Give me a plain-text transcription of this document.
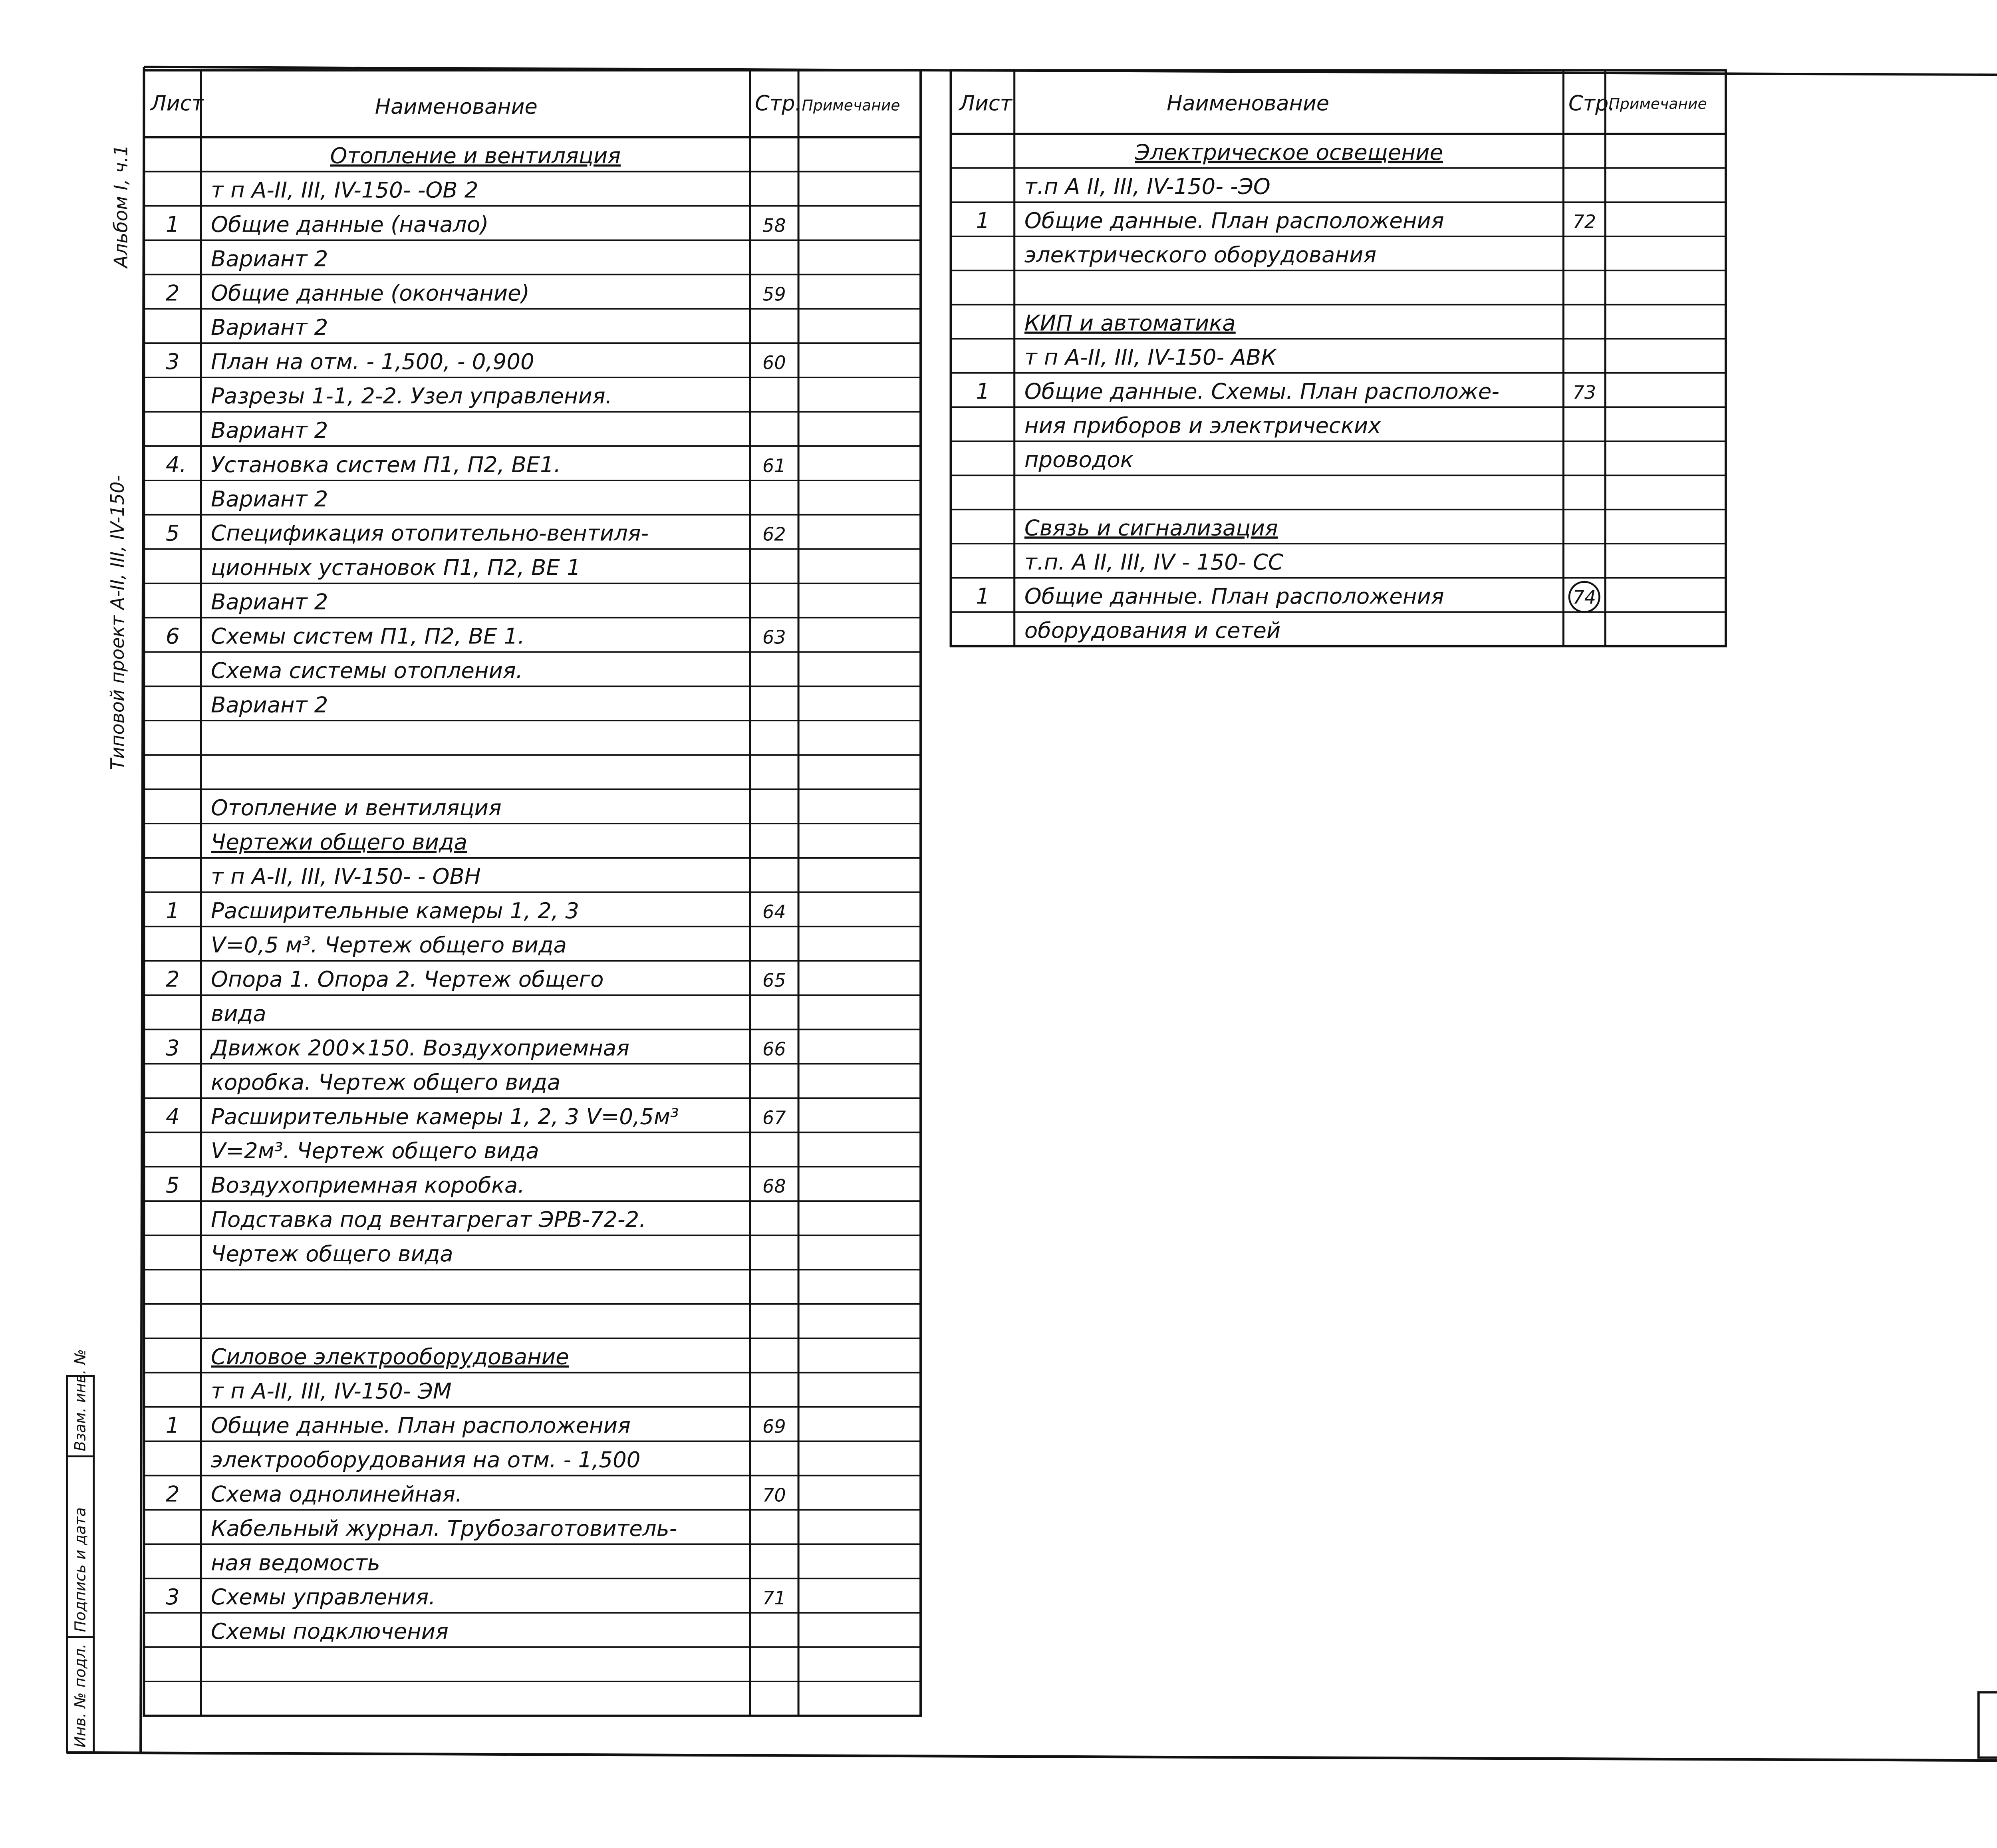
Альбом I, ч.1
Типовой проект А-II, III, IV-150-
Инв. № подл.
Подпись и дата
Взам. инв. №
Лист	Наименование	Стр. Примечание
Отопление и вентиляция
т п А-II, III, IV-150- -ОВ 2
1	Общие данные (начало)	58
Вариант 2
2	Общие данные (окончание)	59
Вариант 2
3	План на отм. - 1,500, - 0,900	60
Разрезы 1-1, 2-2. Узел управления.
Вариант 2
4.	Установка систем П1, П2, ВЕ1.	61
Вариант 2
5	Спецификация отопительно-вентиля-	62
ционных установок П1, П2, ВЕ 1
Вариант 2
6	Схемы систем П1, П2, ВЕ 1.	63
Схема системы отопления.
Вариант 2
Отопление и вентиляция
Чертежи общего вида
т п А-II, III, IV-150- - ОВН
1	Расширительные камеры 1, 2, 3	64
V=0,5 м³. Чертеж общего вида
2	Опора 1. Опора 2. Чертеж общего	65
вида
3	Движок 200×150. Воздухоприемная	66
коробка. Чертеж общего вида
4	Расширительные камеры 1, 2, 3 V=0,5м³	67
V=2м³. Чертеж общего вида
5	Воздухоприемная коробка.	68
Подставка под вентагрегат ЭРВ-72-2.
Чертеж общего вида
Силовое электрооборудование
т п А-II, III, IV-150- ЭМ
1	Общие данные. План расположения	69
электрооборудования на отм. - 1,500
2	Схема однолинейная.	70
Кабельный журнал. Трубозаготовитель-
ная ведомость
3	Схемы управления.	71
Схемы подключения
Лист	Наименование	Стр.
Примечание
Электрическое освещение
т.п А II, III, IV-150- -ЭО
1	Общие данные. План расположения	72
электрического оборудования
КИП и автоматика
т п А-II, III, IV-150- АВК
1	Общие данные. Схемы. План расположе-	73
ния приборов и электрических
проводок
Связь и сигнализация
т.п. А II, III, IV - 150- СС
1	Общие данные. План расположения	74
оборудования и сетей
